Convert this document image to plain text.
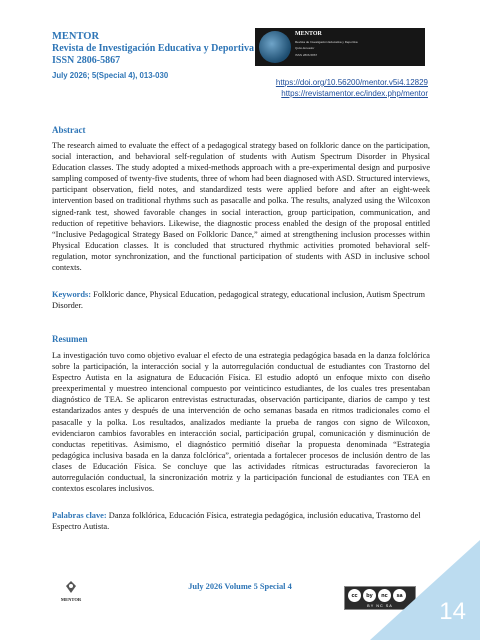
MENTOR
Revista de Investigación Educativa y Deportiva
ISSN 2806-5867
July 2026; 5(Special 4), 013-030
MENTOR
Revista de Investigación Educativa y Deportiva
Quito-Ecuador
ISSN 2806-5867
https://doi.org/10.56200/mentor.v5i4.12829
https://revistamentor.ec/index.php/mentor
Abstract

The research aimed to evaluate the effect of a pedagogical strategy based on folkloric dance on the participation, social interaction, and behavioral self-regulation of students with Autism Spectrum Disorder in Physical Education classes. The study adopted a mixed-methods approach with a pre-experimental design and purposive sampling composed of twenty-five students, three of whom had been diagnosed with ASD. Structured interviews, participant observation, field notes, and standardized tests were applied before and after an eight-week intervention based on traditional rhythms such as pasacalle and polka. The results, analyzed using the Wilcoxon signed-rank test, showed favorable changes in social interaction, group participation, communication, and reduction of repetitive behaviors. Likewise, the diagnostic process enabled the design of the proposal entitled “Inclusive Pedagogical Strategy Based on Folkloric Dance,” aimed at strengthening inclusion processes within Physical Education classes. It is concluded that structured rhythmic activities promoted behavioral self-regulation, motor synchronization, and the functional participation of students with ASD in inclusive school contexts.

Keywords: Folkloric dance, Physical Education, pedagogical strategy, educational inclusion, Autism Spectrum Disorder.

Resumen

La investigación tuvo como objetivo evaluar el efecto de una estrategia pedagógica basada en la danza folclórica sobre la participación, la interacción social y la autorregulación conductual de estudiantes con Trastorno del Espectro Autista en la asignatura de Educación Física. El estudio adoptó un enfoque mixto con diseño preexperimental y muestreo intencional compuesto por veinticinco estudiantes, de los cuales tres presentaban diagnóstico de TEA. Se aplicaron entrevistas estructuradas, observación participante, diarios de campo y test estandarizados antes y después de una intervención de ocho semanas basada en ritmos tradicionales como el pasacalle y la polka. Los resultados, analizados mediante la prueba de rangos con signo de Wilcoxon, evidenciaron cambios favorables en interacción social, participación grupal, comunicación y disminución de conductas repetitivas. Asimismo, el diagnóstico permitió diseñar la propuesta denominada “Estrategia pedagógica inclusiva basada en la danza folclórica”, orientada a fortalecer procesos de inclusión dentro de las clases de Educación Física. Se concluye que las actividades rítmicas estructuradas favorecieron la autorregulación conductual, la sincronización motriz y la participación funcional de estudiantes con TEA en contextos escolares inclusivos.

Palabras clave: Danza folklórica, Educación Física, estrategia pedagógica, inclusión educativa, Trastorno del Espectro Autista.

MENTOR
July 2026 Volume 5 Special 4
cc	by	nc	sa
BY NC SA	14
